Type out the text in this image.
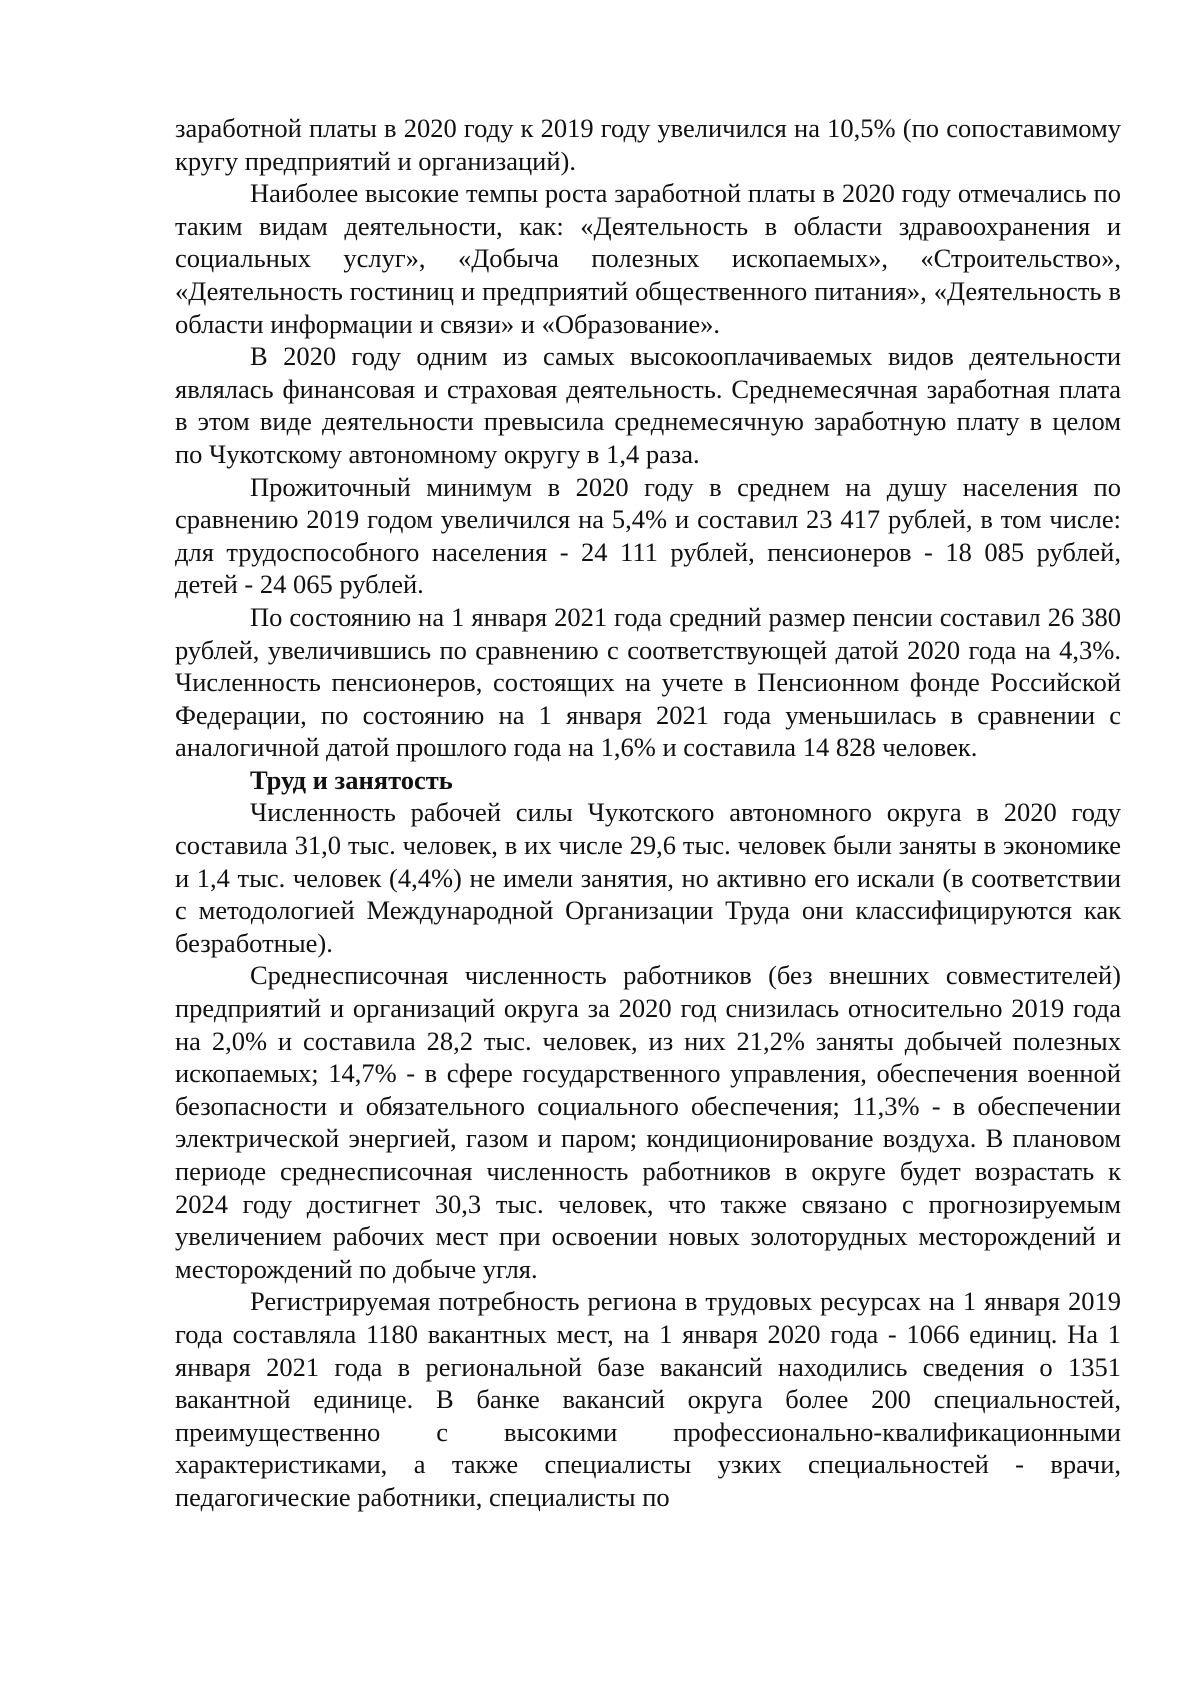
заработной платы в 2020 году к 2019 году увеличился на 10,5% (по сопоставимому кругу предприятий и организаций).

Наиболее высокие темпы роста заработной платы в 2020 году отмечались по таким видам деятельности, как: «Деятельность в области здравоохранения и социальных услуг», «Добыча полезных ископаемых», «Строительство», «Деятельность гостиниц и предприятий общественного питания», «Деятельность в области информации и связи» и «Образование».

В 2020 году одним из самых высокооплачиваемых видов деятельности являлась финансовая и страховая деятельность. Среднемесячная заработная плата в этом виде деятельности превысила среднемесячную заработную плату в целом по Чукотскому автономному округу в 1,4 раза.

Прожиточный минимум в 2020 году в среднем на душу населения по сравнению 2019 годом увеличился на 5,4% и составил 23 417 рублей, в том числе: для трудоспособного населения - 24 111 рублей, пенсионеров - 18 085 рублей, детей - 24 065 рублей.

По состоянию на 1 января 2021 года средний размер пенсии составил 26 380 рублей, увеличившись по сравнению с соответствующей датой 2020 года на 4,3%. Численность пенсионеров, состоящих на учете в Пенсионном фонде Российской Федерации, по состоянию на 1 января 2021 года уменьшилась в сравнении с аналогичной датой прошлого года на 1,6% и составила 14 828 человек.

Труд и занятость

Численность рабочей силы Чукотского автономного округа в 2020 году составила 31,0 тыс. человек, в их числе 29,6 тыс. человек были заняты в экономике и 1,4 тыс. человек (4,4%) не имели занятия, но активно его искали (в соответствии с методологией Международной Организации Труда они классифицируются как безработные).

Среднесписочная численность работников (без внешних совместителей) предприятий и организаций округа за 2020 год снизилась относительно 2019 года на 2,0% и составила 28,2 тыс. человек, из них 21,2% заняты добычей полезных ископаемых; 14,7% - в сфере государственного управления, обеспечения военной безопасности и обязательного социального обеспечения; 11,3% - в обеспечении электрической энергией, газом и паром; кондиционирование воздуха. В плановом периоде среднесписочная численность работников в округе будет возрастать к 2024 году достигнет 30,3 тыс. человек, что также связано с прогнозируемым увеличением рабочих мест при освоении новых золоторудных месторождений и месторождений по добыче угля.

Регистрируемая потребность региона в трудовых ресурсах на 1 января 2019 года составляла 1180 вакантных мест, на 1 января 2020 года - 1066 единиц. На 1 января 2021 года в региональной базе вакансий находились сведения о 1351 вакантной единице. В банке вакансий округа более 200 специальностей, преимущественно с высокими профессионально-квалификационными характеристиками, а также специалисты узких специальностей - врачи, педагогические работники, специалисты по
